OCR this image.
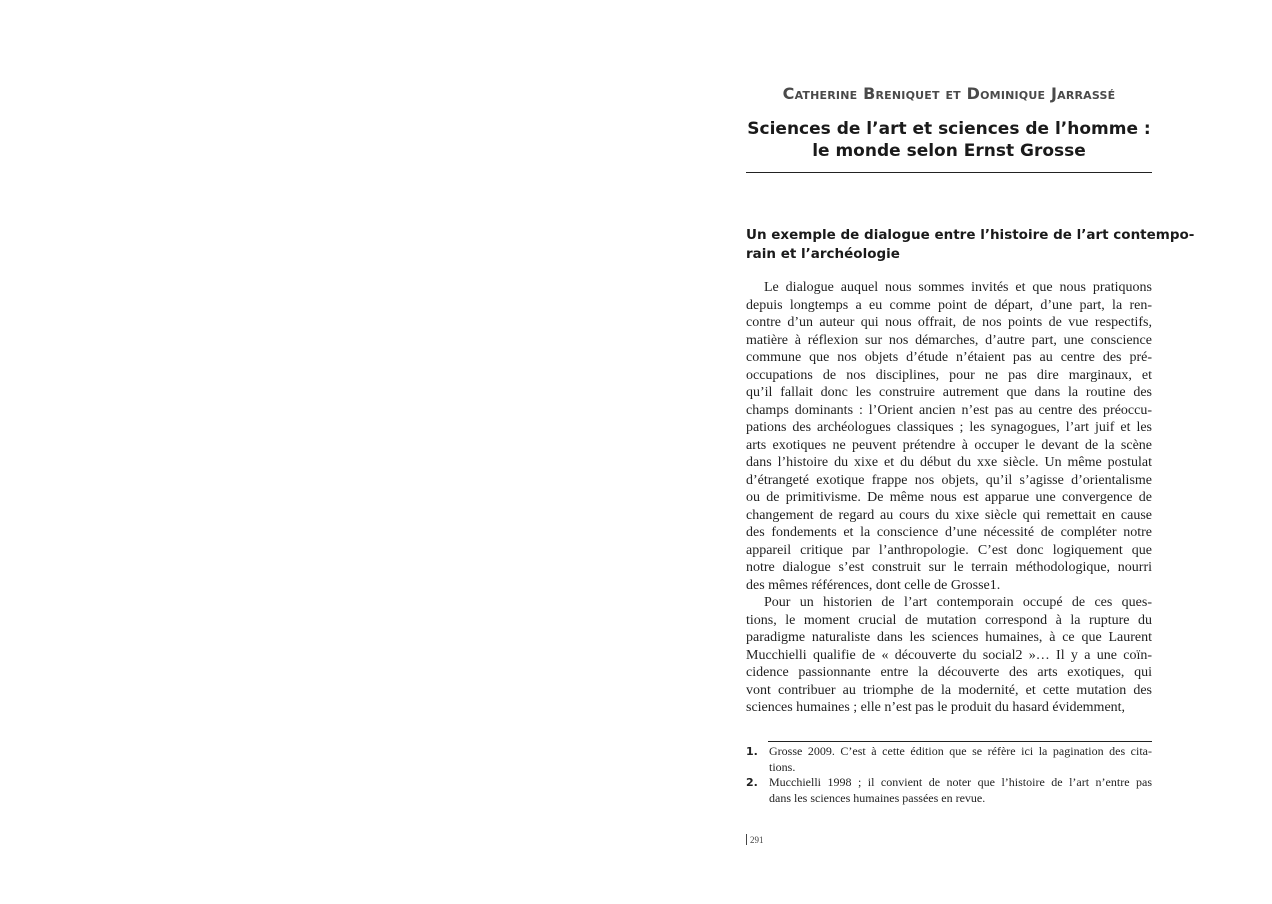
Catherine Breniquet et Dominique Jarrassé
Sciences de l’art et sciences de l’homme :
le monde selon Ernst Grosse
Un exemple de dialogue entre l’histoire de l’art contempo-
rain et l’archéologie
Le dialogue auquel nous sommes invités et que nous pratiquons
depuis longtemps a eu comme point de départ, d’une part, la ren-
contre d’un auteur qui nous offrait, de nos points de vue respectifs,
matière à réflexion sur nos démarches, d’autre part, une conscience
commune que nos objets d’étude n’étaient pas au centre des pré-
occupations de nos disciplines, pour ne pas dire marginaux, et
qu’il fallait donc les construire autrement que dans la routine des
champs dominants : l’Orient ancien n’est pas au centre des préoccu-
pations des archéologues classiques ; les synagogues, l’art juif et les
arts exotiques ne peuvent prétendre à occuper le devant de la scène
dans l’histoire du xixe et du début du xxe siècle. Un même postulat
d’étrangeté exotique frappe nos objets, qu’il s’agisse d’orientalisme
ou de primitivisme. De même nous est apparue une convergence de
changement de regard au cours du xixe siècle qui remettait en cause
des fondements et la conscience d’une nécessité de compléter notre
appareil critique par l’anthropologie. C’est donc logiquement que
notre dialogue s’est construit sur le terrain méthodologique, nourri
des mêmes références, dont celle de Grosse1.
Pour un historien de l’art contemporain occupé de ces ques-
tions, le moment crucial de mutation correspond à la rupture du
paradigme naturaliste dans les sciences humaines, à ce que Laurent
Mucchielli qualifie de « découverte du social2 »… Il y a une coïn-
cidence passionnante entre la découverte des arts exotiques, qui
vont contribuer au triomphe de la modernité, et cette mutation des
sciences humaines ; elle n’est pas le produit du hasard évidemment,
1. Grosse 2009. C’est à cette édition que se réfère ici la pagination des cita-
tions.
2. Mucchielli 1998 ; il convient de noter que l’histoire de l’art n’entre pas
dans les sciences humaines passées en revue.
291
